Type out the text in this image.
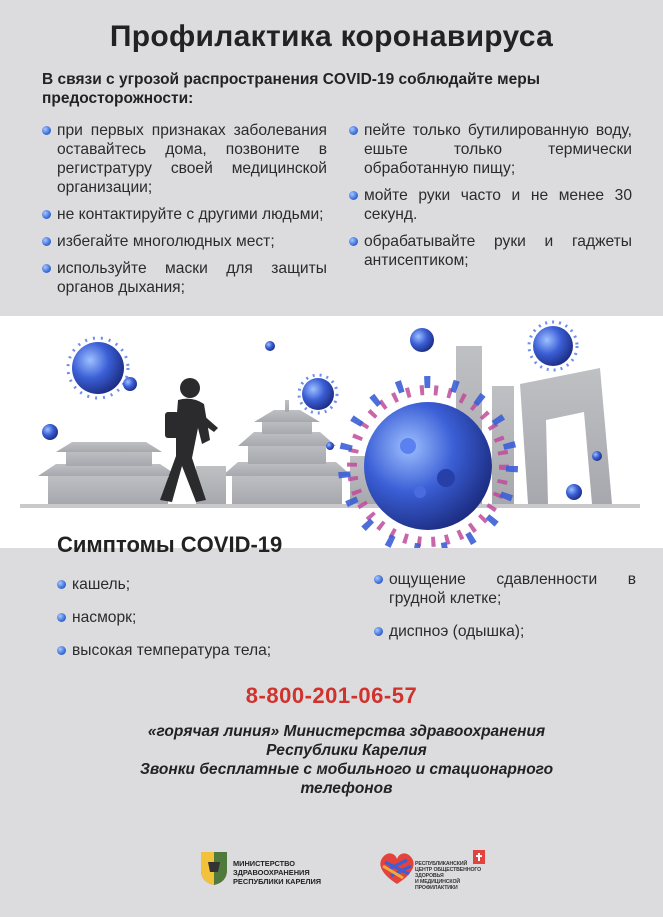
Профилактика коронавируса
В связи с угрозой распространения COVID-19 соблюдайте меры предосторожности:
при первых признаках заболевания оставайтесь дома, позвоните в регистратуру своей медицинской организации;
не контактируйте с другими людьми;
избегайте многолюдных мест;
используйте маски для защиты органов дыхания;
пейте только бутилированную воду, ешьте только термически обработанную пищу;
мойте руки часто и не менее 30 секунд.
обрабатывайте руки и гаджеты антисептиком;
Симптомы COVID-19
кашель;
насморк;
высокая температура тела;
ощущение сдавленности в грудной клетке;
диспноэ (одышка);
8-800-201-06-57
«горячая линия» Министерства здравоохранения
Республики Карелия
Звонки бесплатные с мобильного и стационарного
телефонов
МИНИСТЕРСТВО ЗДРАВООХРАНЕНИЯ
РЕСПУБЛИКИ КАРЕЛИЯ
РЕСПУБЛИКАНСКИЙ
ЦЕНТР ОБЩЕСТВЕННОГО ЗДОРОВЬЯ
И МЕДИЦИНСКОЙ ПРОФИЛАКТИКИ
